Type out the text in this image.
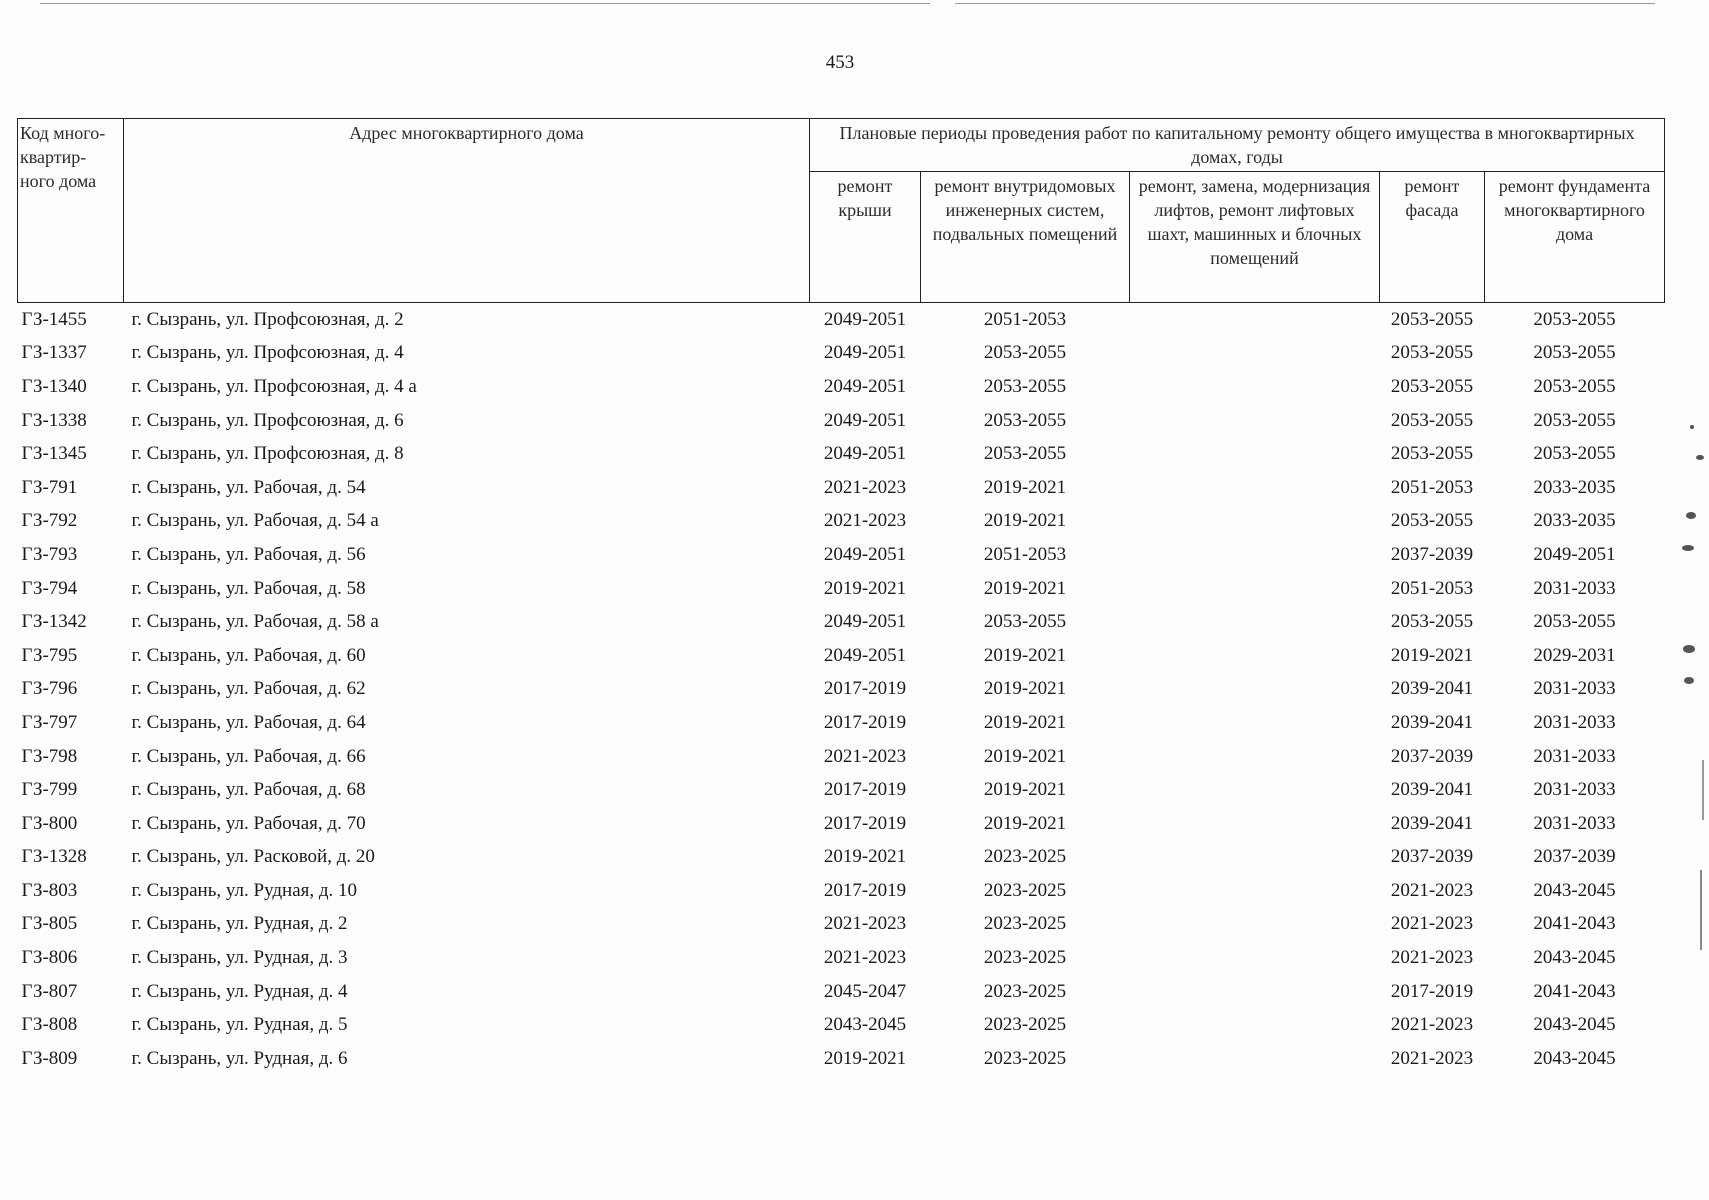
453
Код много-квартир-ного дома	Адрес многоквартирного дома	Плановые периоды проведения работ по капитальному ремонту общего имущества в многоквартирных домах, годы				
		ремонт крыши	ремонт внутридомовых инженерных систем, подвальных помещений	ремонт, замена, модернизация лифтов, ремонт лифтовых шахт, машинных и блочных помещений	ремонт фасада	ремонт фундамента многоквартирного дома
ГЗ-1455	г. Сызрань, ул. Профсоюзная, д. 2	2049-2051	2051-2053		2053-2055	2053-2055
ГЗ-1337	г. Сызрань, ул. Профсоюзная, д. 4	2049-2051	2053-2055		2053-2055	2053-2055
ГЗ-1340	г. Сызрань, ул. Профсоюзная, д. 4 а	2049-2051	2053-2055		2053-2055	2053-2055
ГЗ-1338	г. Сызрань, ул. Профсоюзная, д. 6	2049-2051	2053-2055		2053-2055	2053-2055
ГЗ-1345	г. Сызрань, ул. Профсоюзная, д. 8	2049-2051	2053-2055		2053-2055	2053-2055
ГЗ-791	г. Сызрань, ул. Рабочая, д. 54	2021-2023	2019-2021		2051-2053	2033-2035
ГЗ-792	г. Сызрань, ул. Рабочая, д. 54 а	2021-2023	2019-2021		2053-2055	2033-2035
ГЗ-793	г. Сызрань, ул. Рабочая, д. 56	2049-2051	2051-2053		2037-2039	2049-2051
ГЗ-794	г. Сызрань, ул. Рабочая, д. 58	2019-2021	2019-2021		2051-2053	2031-2033
ГЗ-1342	г. Сызрань, ул. Рабочая, д. 58 а	2049-2051	2053-2055		2053-2055	2053-2055
ГЗ-795	г. Сызрань, ул. Рабочая, д. 60	2049-2051	2019-2021		2019-2021	2029-2031
ГЗ-796	г. Сызрань, ул. Рабочая, д. 62	2017-2019	2019-2021		2039-2041	2031-2033
ГЗ-797	г. Сызрань, ул. Рабочая, д. 64	2017-2019	2019-2021		2039-2041	2031-2033
ГЗ-798	г. Сызрань, ул. Рабочая, д. 66	2021-2023	2019-2021		2037-2039	2031-2033
ГЗ-799	г. Сызрань, ул. Рабочая, д. 68	2017-2019	2019-2021		2039-2041	2031-2033
ГЗ-800	г. Сызрань, ул. Рабочая, д. 70	2017-2019	2019-2021		2039-2041	2031-2033
ГЗ-1328	г. Сызрань, ул. Расковой, д. 20	2019-2021	2023-2025		2037-2039	2037-2039
ГЗ-803	г. Сызрань, ул. Рудная, д. 10	2017-2019	2023-2025		2021-2023	2043-2045
ГЗ-805	г. Сызрань, ул. Рудная, д. 2	2021-2023	2023-2025		2021-2023	2041-2043
ГЗ-806	г. Сызрань, ул. Рудная, д. 3	2021-2023	2023-2025		2021-2023	2043-2045
ГЗ-807	г. Сызрань, ул. Рудная, д. 4	2045-2047	2023-2025		2017-2019	2041-2043
ГЗ-808	г. Сызрань, ул. Рудная, д. 5	2043-2045	2023-2025		2021-2023	2043-2045
ГЗ-809	г. Сызрань, ул. Рудная, д. 6	2019-2021	2023-2025		2021-2023	2043-2045
